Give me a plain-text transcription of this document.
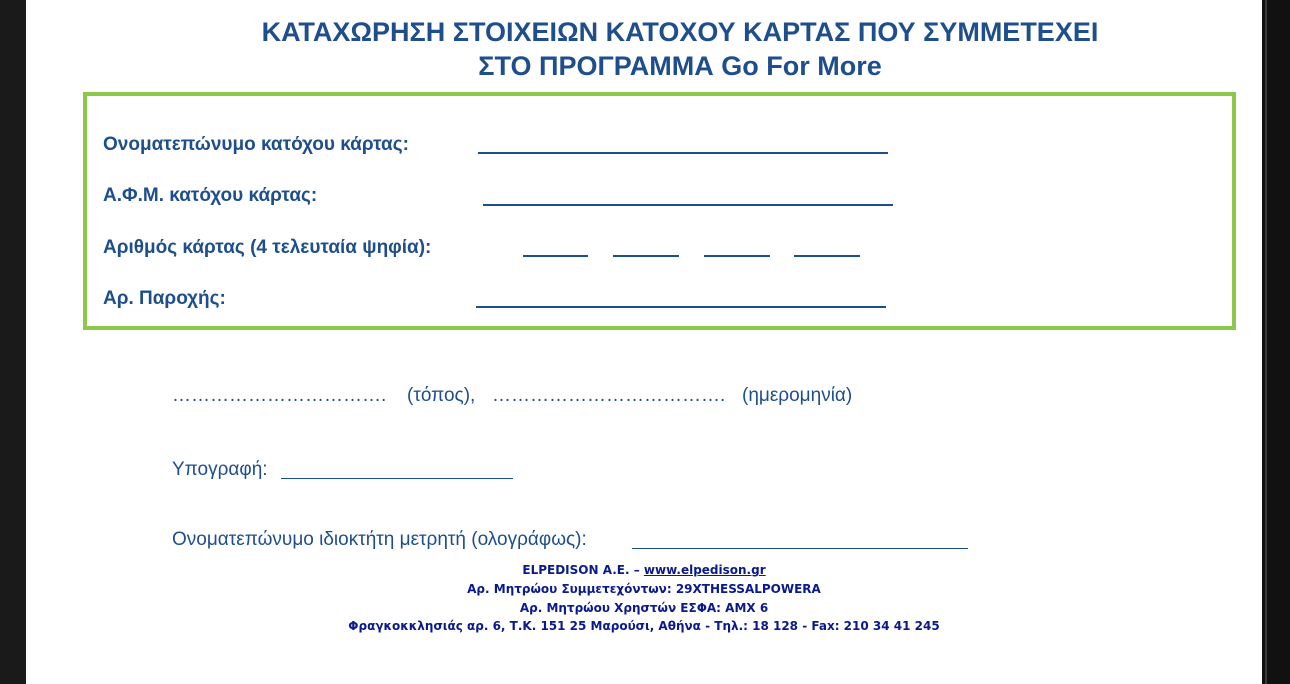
ΚΑΤΑΧΩΡΗΣΗ ΣΤΟΙΧΕΙΩΝ ΚΑΤΟΧΟΥ ΚΑΡΤΑΣ ΠΟΥ ΣΥΜΜΕΤΕΧΕΙ

ΣΤΟ ΠΡΟΓΡΑΜΜΑ Go For More

Ονοματεπώνυμο κατόχου κάρτας:
Α.Φ.Μ. κατόχου κάρτας:
Αριθμός κάρτας (4 τελευταία ψηφία):
Αρ. Παροχής:
……………………………. (τόπος), ………………………………. (ημερομηνία)
Υπογραφή:
Ονοματεπώνυμο ιδιοκτήτη μετρητή (ολογράφως):
ELPEDISON A.E. – www.elpedison.gr
Αρ. Μητρώου Συμμετεχόντων: 29XTHESSALPOWERA
Αρ. Μητρώου Χρηστών ΕΣΦΑ: ΑΜΧ 6
Φραγκοκκλησιάς αρ. 6, Τ.Κ. 151 25 Μαρούσι, Αθήνα - Τηλ.: 18 128 - Fax: 210 34 41 245
